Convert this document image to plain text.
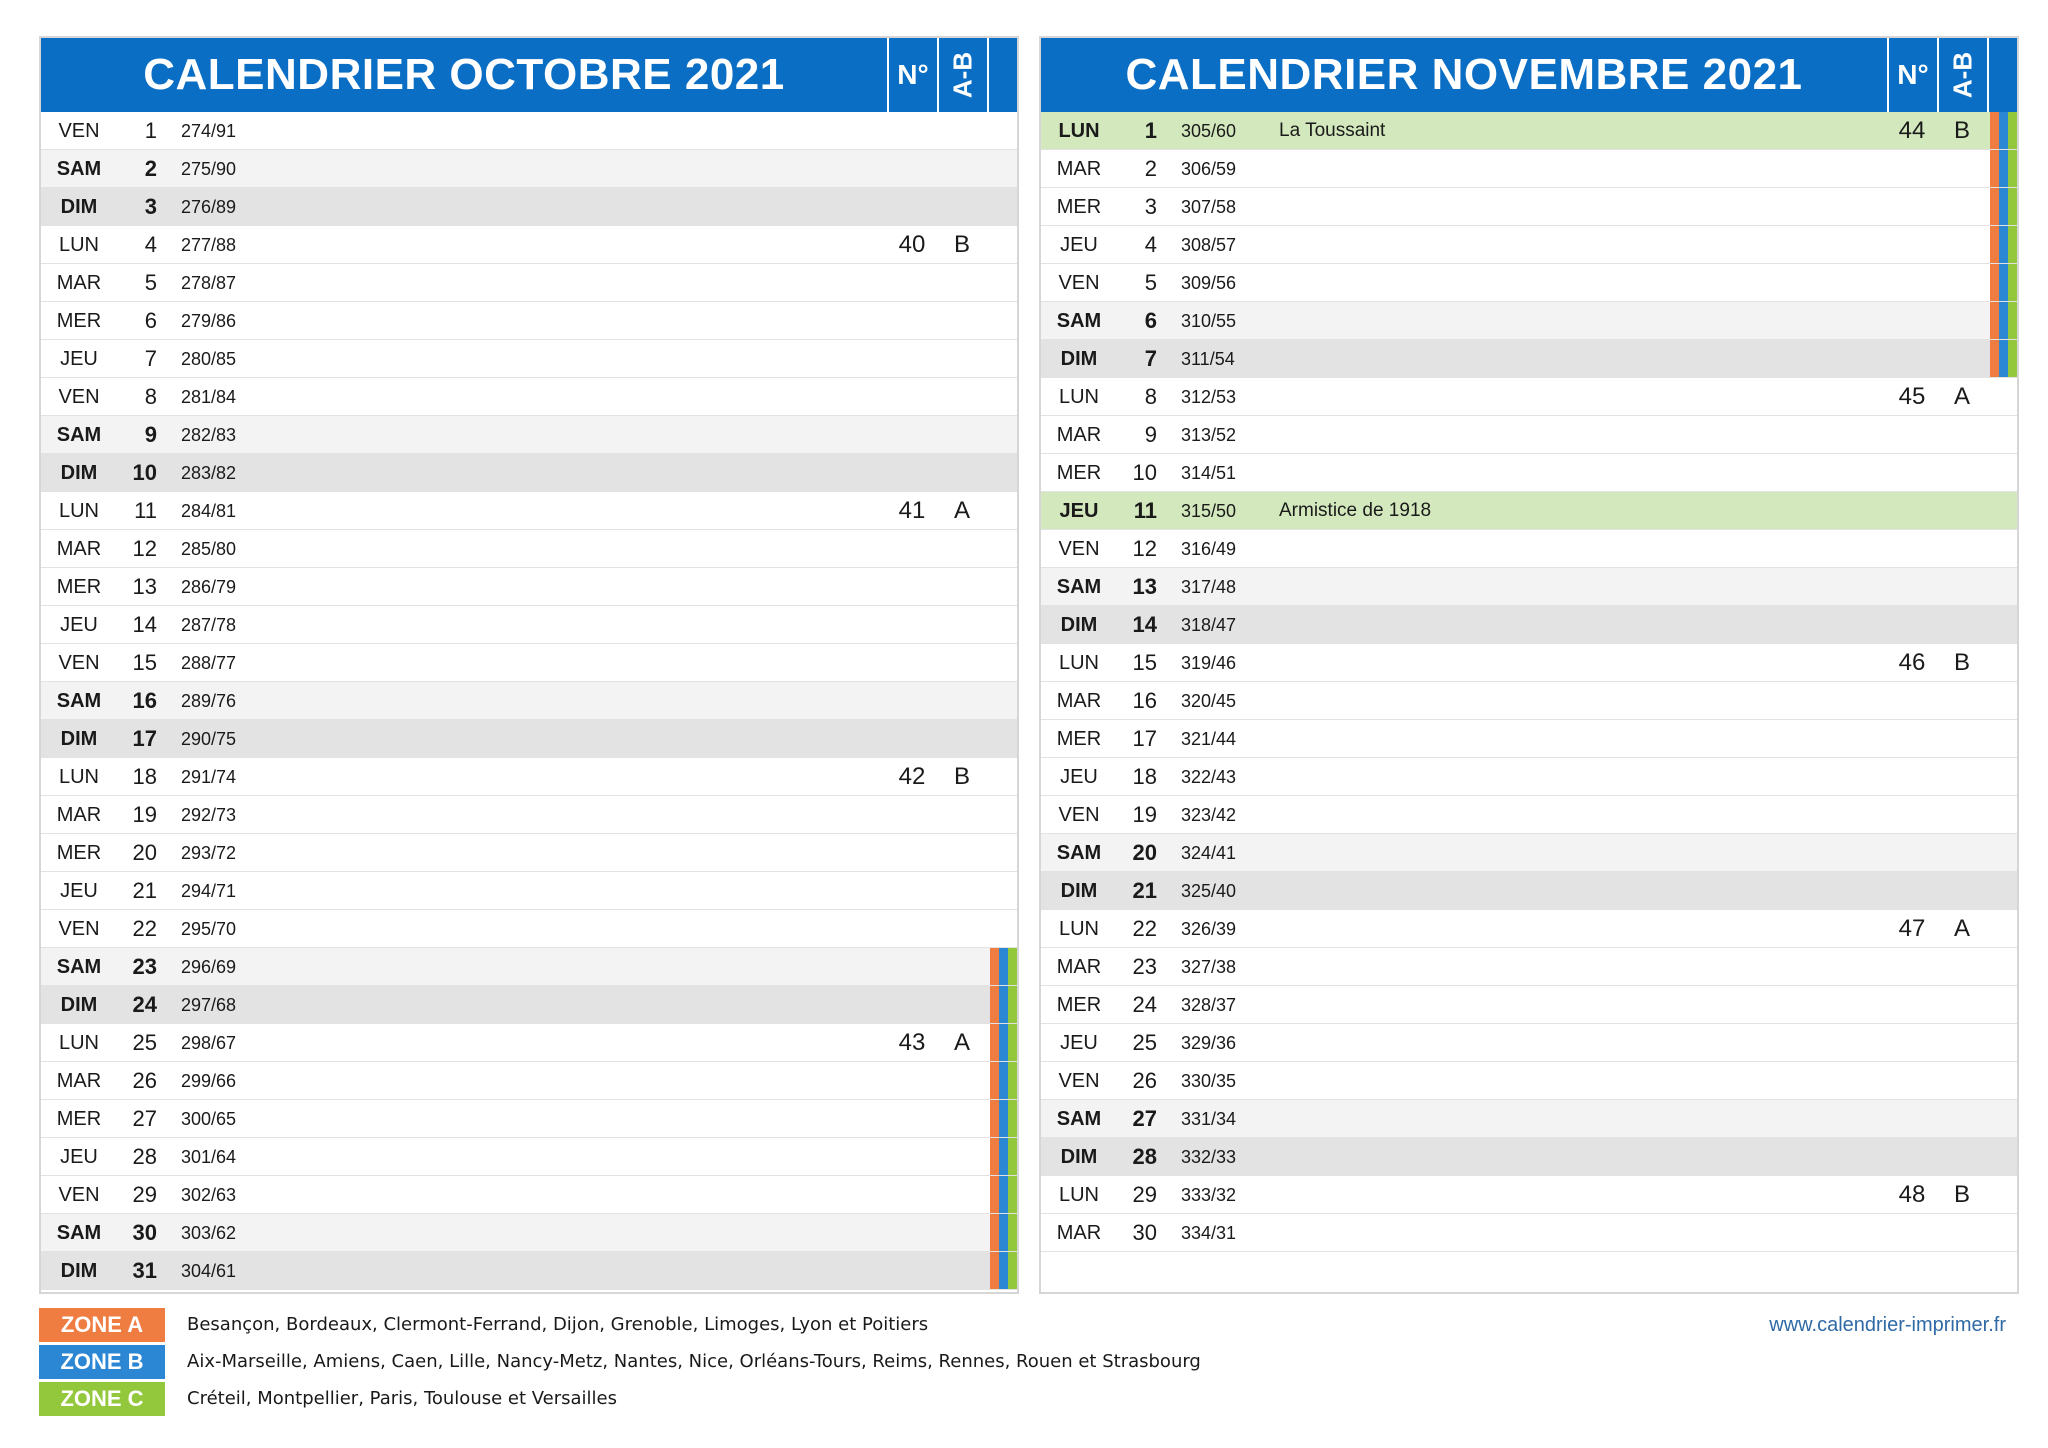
CALENDRIER OCTOBRE 2021	N° A-B
VEN	1 274/91
SAM	2 275/90
DIM	3 276/89
LUN	4 277/88	40	B
MAR	5 278/87
MER	6 279/86
JEU	7 280/85
VEN	8 281/84
SAM	9 282/83
DIM	10 283/82
LUN	11 284/81	41	A
MAR	12 285/80
MER	13 286/79
JEU	14 287/78
VEN	15 288/77
SAM	16 289/76
DIM	17 290/75
LUN	18 291/74	42	B
MAR	19 292/73
MER	20 293/72
JEU	21 294/71
VEN	22 295/70
SAM	23 296/69
DIM	24 297/68
LUN	25 298/67	43	A
MAR	26 299/66
MER	27 300/65
JEU	28 301/64
VEN	29 302/63
SAM	30 303/62
DIM	31 304/61
CALENDRIER NOVEMBRE 2021	N° A-B
LUN	1 305/60 La Toussaint	44	B
MAR	2 306/59
MER	3 307/58
JEU	4 308/57
VEN	5 309/56
SAM	6 310/55
DIM	7 311/54
LUN	8 312/53	45	A
MAR	9 313/52
MER	10 314/51
JEU	11 315/50 Armistice de 1918
VEN	12 316/49
SAM	13 317/48
DIM	14 318/47
LUN	15 319/46	46	B
MAR	16 320/45
MER	17 321/44
JEU	18 322/43
VEN	19 323/42
SAM	20 324/41
DIM	21 325/40
LUN	22 326/39	47	A
MAR	23 327/38
MER	24 328/37
JEU	25 329/36
VEN	26 330/35
SAM	27 331/34
DIM	28 332/33
LUN	29 333/32	48	B
MAR	30 334/31
ZONE A	Besançon, Bordeaux, Clermont-Ferrand, Dijon, Grenoble, Limoges, Lyon et Poitiers
ZONE B	Aix-Marseille, Amiens, Caen, Lille, Nancy-Metz, Nantes, Nice, Orléans-Tours, Reims, Rennes, Rouen et Strasbourg
ZONE C	Créteil, Montpellier, Paris, Toulouse et Versailles
www.calendrier-imprimer.fr
